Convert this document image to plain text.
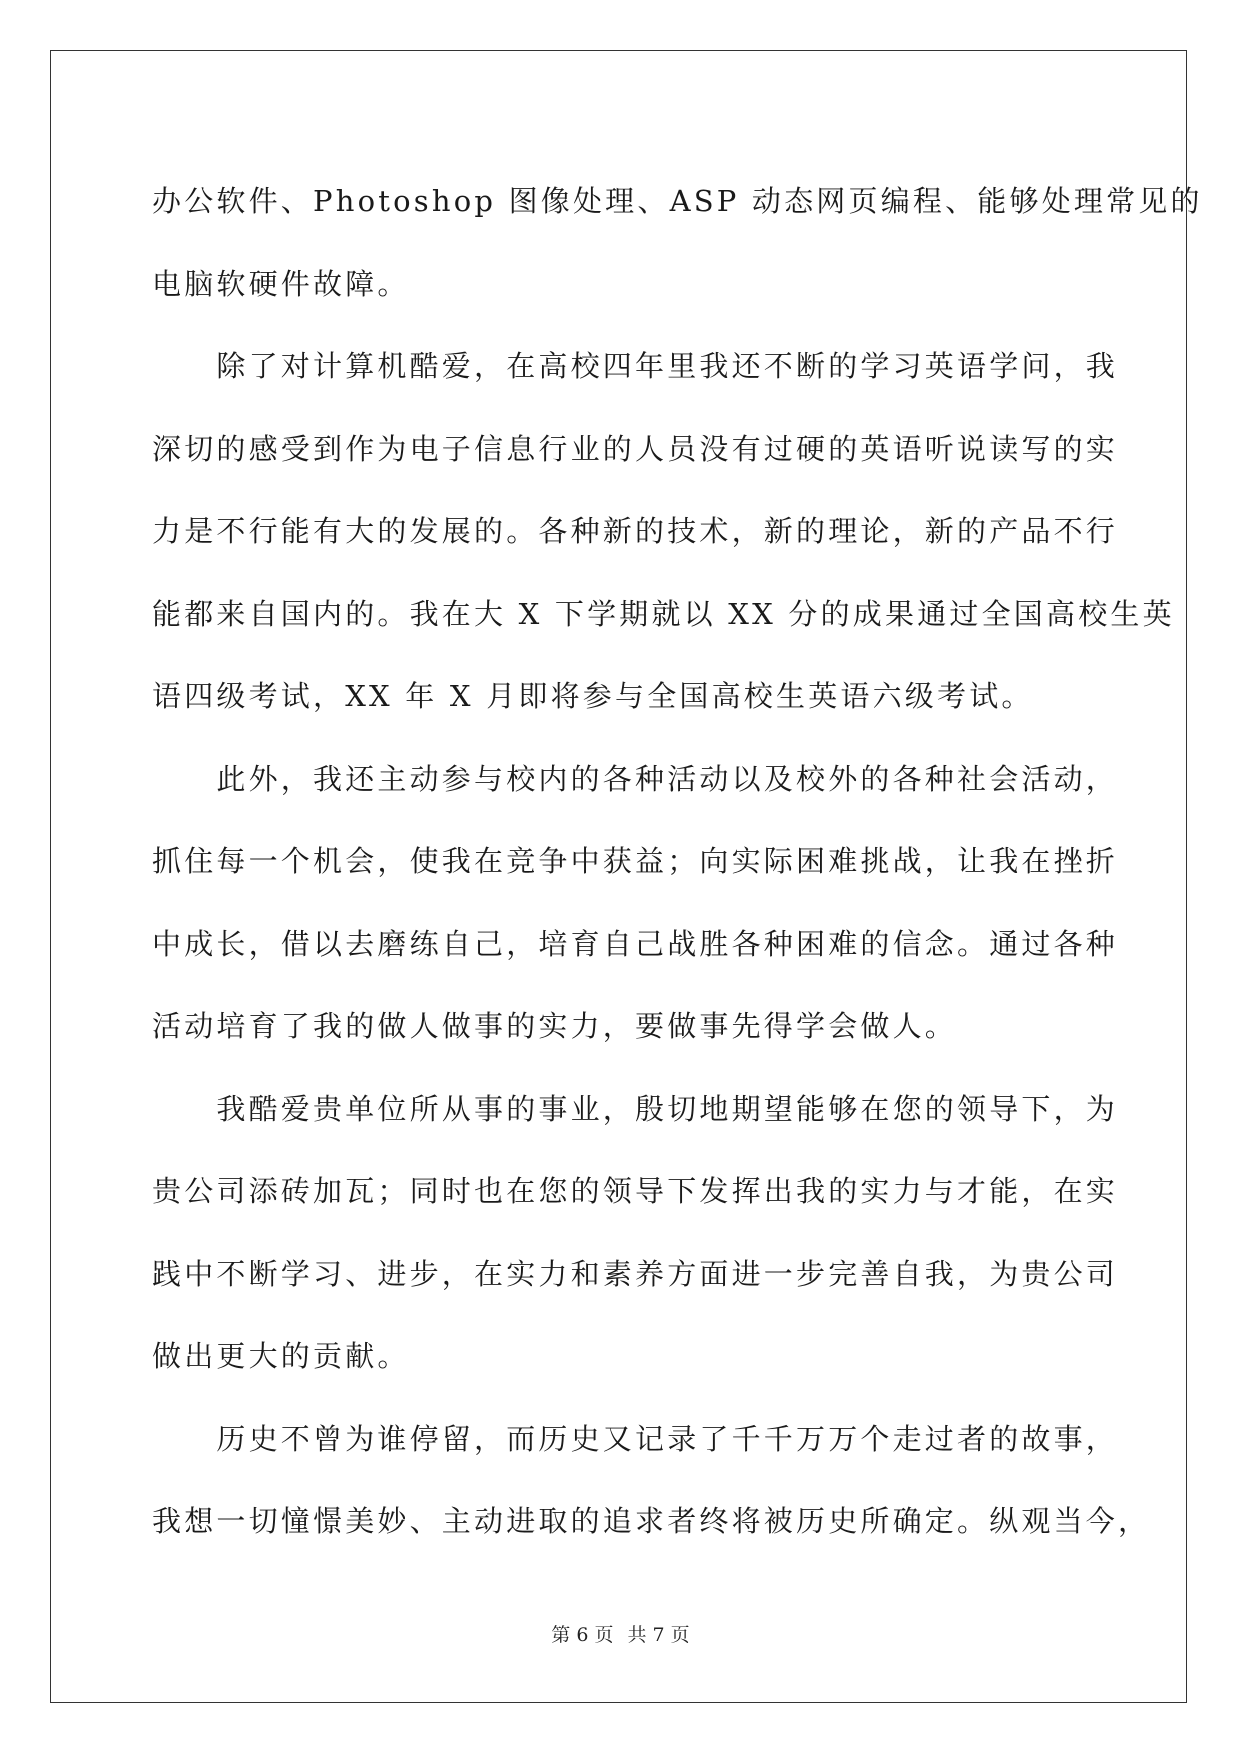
办公软件、Photoshop 图像处理、ASP 动态网页编程、能够处理常见的
电脑软硬件故障。
　　除了对计算机酷爱，在高校四年里我还不断的学习英语学问，我
深切的感受到作为电子信息行业的人员没有过硬的英语听说读写的实
力是不行能有大的发展的。各种新的技术，新的理论，新的产品不行
能都来自国内的。我在大 X 下学期就以 XX 分的成果通过全国高校生英
语四级考试，XX 年 X 月即将参与全国高校生英语六级考试。
　　此外，我还主动参与校内的各种活动以及校外的各种社会活动，
抓住每一个机会，使我在竞争中获益；向实际困难挑战，让我在挫折
中成长，借以去磨练自己，培育自己战胜各种困难的信念。通过各种
活动培育了我的做人做事的实力，要做事先得学会做人。
　　我酷爱贵单位所从事的事业，殷切地期望能够在您的领导下，为
贵公司添砖加瓦；同时也在您的领导下发挥出我的实力与才能，在实
践中不断学习、进步，在实力和素养方面进一步完善自我，为贵公司
做出更大的贡献。
　　历史不曾为谁停留，而历史又记录了千千万万个走过者的故事，
我想一切憧憬美妙、主动进取的追求者终将被历史所确定。纵观当今，
第 6 页 共 7 页
